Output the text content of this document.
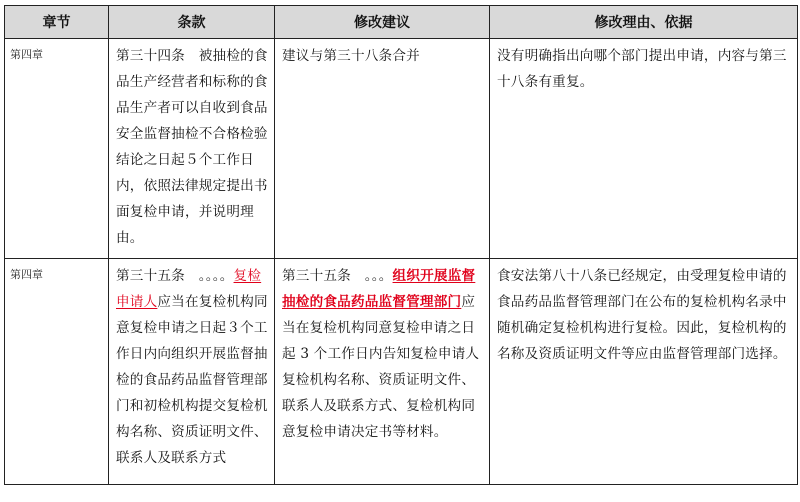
章节	条款	修改建议	修改理由、依据

第四章	第三十四条　被抽检的食品生产经营者和标称的食品生产者可以自收到食品安全监督抽检不合格检验结论之日起５个工作日内，依照法律规定提出书面复检申请，并说明理由。	建议与第三十八条合并	没有明确指出向哪个部门提出申请，内容与第三十八条有重复。

第四章	第三十五条　。。。。复检申请人应当在复检机构同意复检申请之日起３个工作日内向组织开展监督抽检的食品药品监督管理部门和初检机构提交复检机构名称、资质证明文件、联系人及联系方式	第三十五条　。。。组织开展监督抽检的食品药品监督管理部门应当在复检机构同意复检申请之日起 3 个工作日内告知复检申请人复检机构名称、资质证明文件、联系人及联系方式、复检机构同意复检申请决定书等材料。	食安法第八十八条已经规定，由受理复检申请的食品药品监督管理部门在公布的复检机构名录中随机确定复检机构进行复检。因此，复检机构的名称及资质证明文件等应由监督管理部门选择。
